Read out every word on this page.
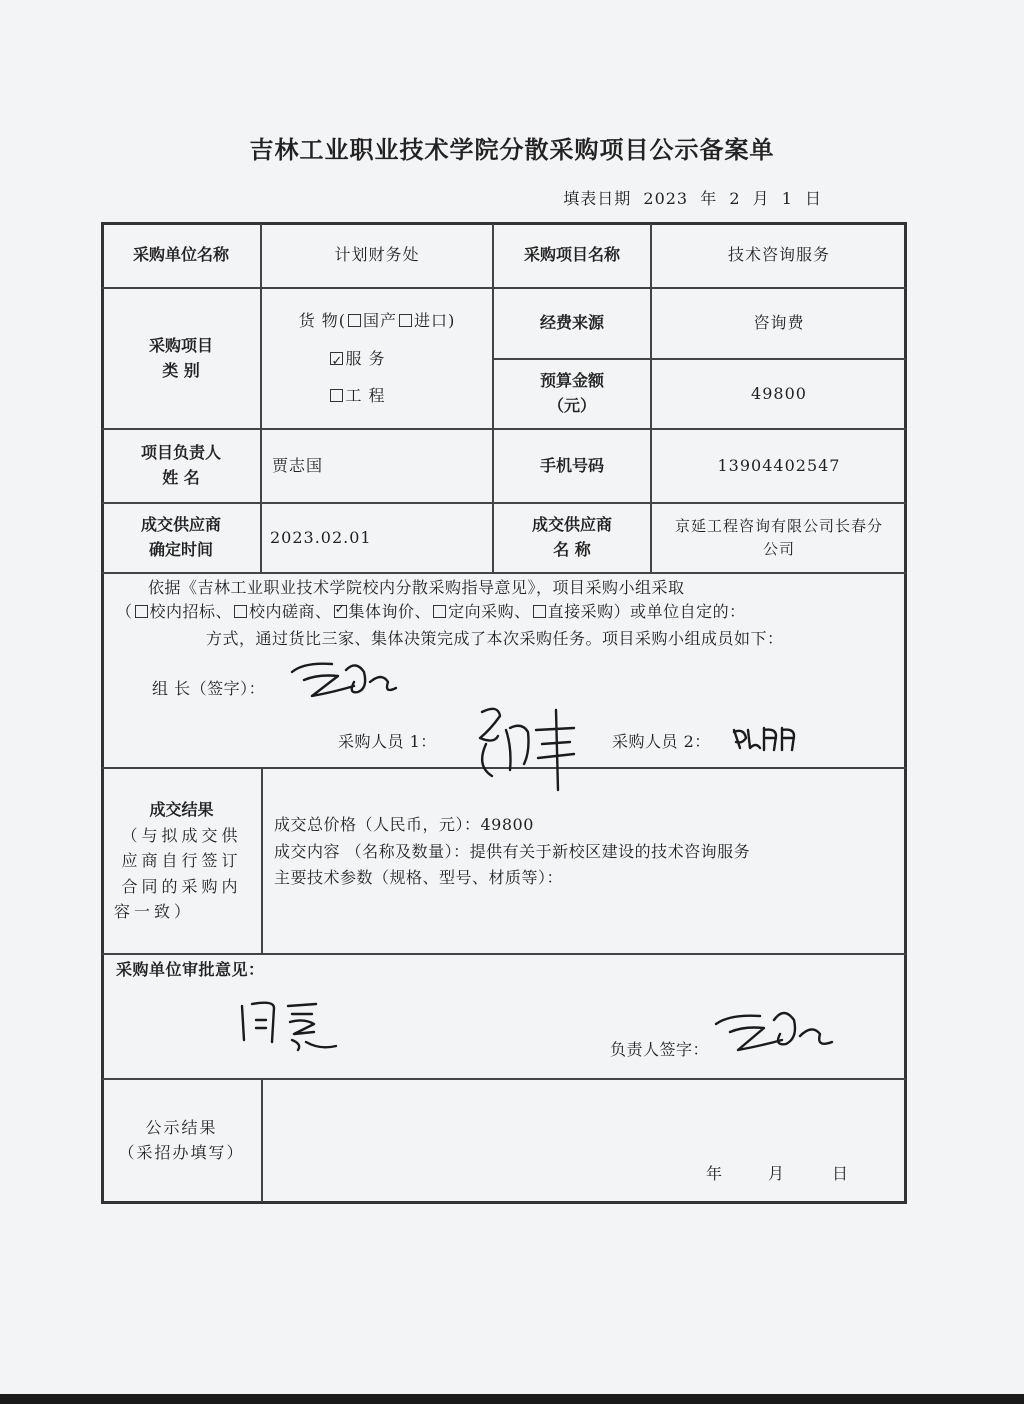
吉林工业职业技术学院分散采购项目公示备案单
填表日期 2023 年 2 月 1 日
采购单位名称	计划财务处	采购项目名称	技术咨询服务
采购项目
类 别
货 物( 国产 进口)
✓服 务
工 程
经费来源	咨询费
预算金额
（元）
49800
项目负责人
姓 名
贾志国	手机号码	13904402547
成交供应商
确定时间
2023.02.01
成交供应商
名 称
京延工程咨询有限公司长春分
公司
依据《吉林工业职业技术学院校内分散采购指导意见》，项目采购小组采取
（ 校内招标、 校内磋商、✓ 集体询价、 定向采购、 直接采购）或单位自定的：
方式，通过货比三家、集体决策完成了本次采购任务。项目采购小组成员如下：
组 长（签字）：
采购人员 1：	采购人员 2：
成交结果
（与拟成交供
应商自行签订
合同的采购内
容一致）
成交总价格（人民币，元）：49800
成交内容 （名称及数量）：提供有关于新校区建设的技术咨询服务
主要技术参数（规格、型号、材质等）：
采购单位审批意见：
负责人签字：
公示结果
（采招办填写）
年	月	日
